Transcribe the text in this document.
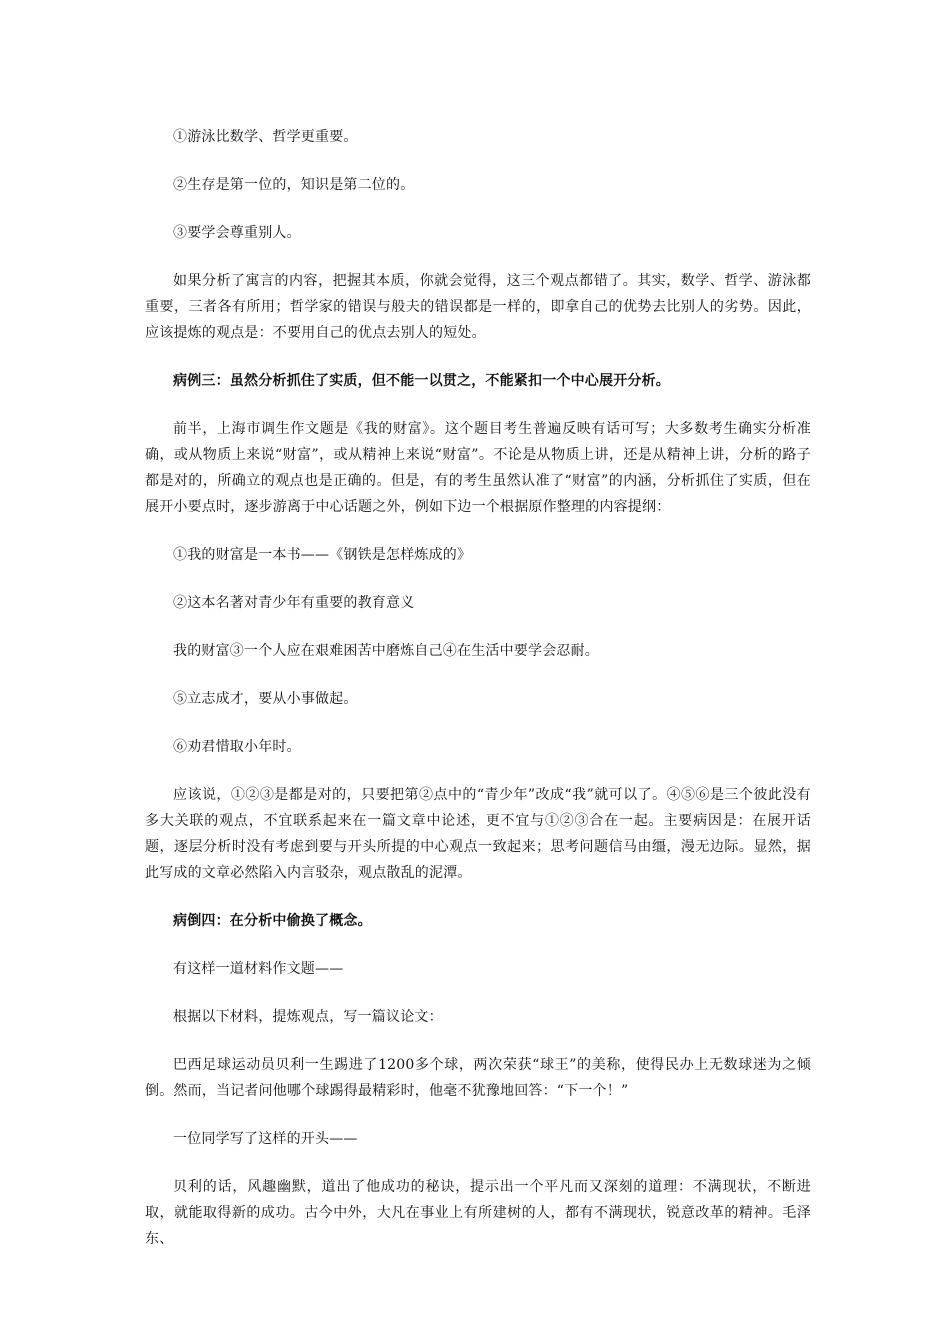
①游泳比数学、哲学更重要。

②生存是第一位的，知识是第二位的。

③要学会尊重别人。

如果分析了寓言的内容，把握其本质，你就会觉得，这三个观点都错了。其实，数学、哲学、游泳都重要，三者各有所用；哲学家的错误与般夫的错误都是一样的，即拿自己的优势去比别人的劣势。因此，应该提炼的观点是：不要用自己的优点去别人的短处。

病例三：虽然分析抓住了实质，但不能一以贯之，不能紧扣一个中心展开分析。

前半，上海市调生作文题是《我的财富》。这个题目考生普遍反映有话可写；大多数考生确实分析准确，或从物质上来说“财富”，或从精神上来说“财富”。不论是从物质上讲，还是从精神上讲，分析的路子都是对的，所确立的观点也是正确的。但是，有的考生虽然认准了“财富”的内涵，分析抓住了实质，但在展开小要点时，逐步游离于中心话题之外，例如下边一个根据原作整理的内容提纲：

①我的财富是一本书——《钢铁是怎样炼成的》

②这本名著对青少年有重要的教育意义

我的财富③一个人应在艰难困苦中磨炼自己④在生活中要学会忍耐。

⑤立志成才，要从小事做起。

⑥劝君惜取小年时。

应该说，①②③是都是对的，只要把第②点中的“青少年”改成“我”就可以了。④⑤⑥是三个彼此没有多大关联的观点，不宜联系起来在一篇文章中论述，更不宜与①②③合在一起。主要病因是：在展开话题，逐层分析时没有考虑到要与开头所提的中心观点一致起来；思考问题信马由缰，漫无边际。显然，据此写成的文章必然陷入内言驳杂，观点散乱的泥潭。

病倒四：在分析中偷换了概念。

有这样一道材料作文题——

根据以下材料，提炼观点，写一篇议论文：

巴西足球运动员贝利一生踢进了1200多个球，两次荣获“球王”的美称，使得民办上无数球迷为之倾倒。然而，当记者问他哪个球踢得最精彩时，他毫不犹豫地回答：“下一个！”

一位同学写了这样的开头——

贝利的话，风趣幽默，道出了他成功的秘诀，提示出一个平凡而又深刻的道理：不满现状，不断进取，就能取得新的成功。古今中外，大凡在事业上有所建树的人，都有不满现状，锐意改革的精神。毛泽东、
